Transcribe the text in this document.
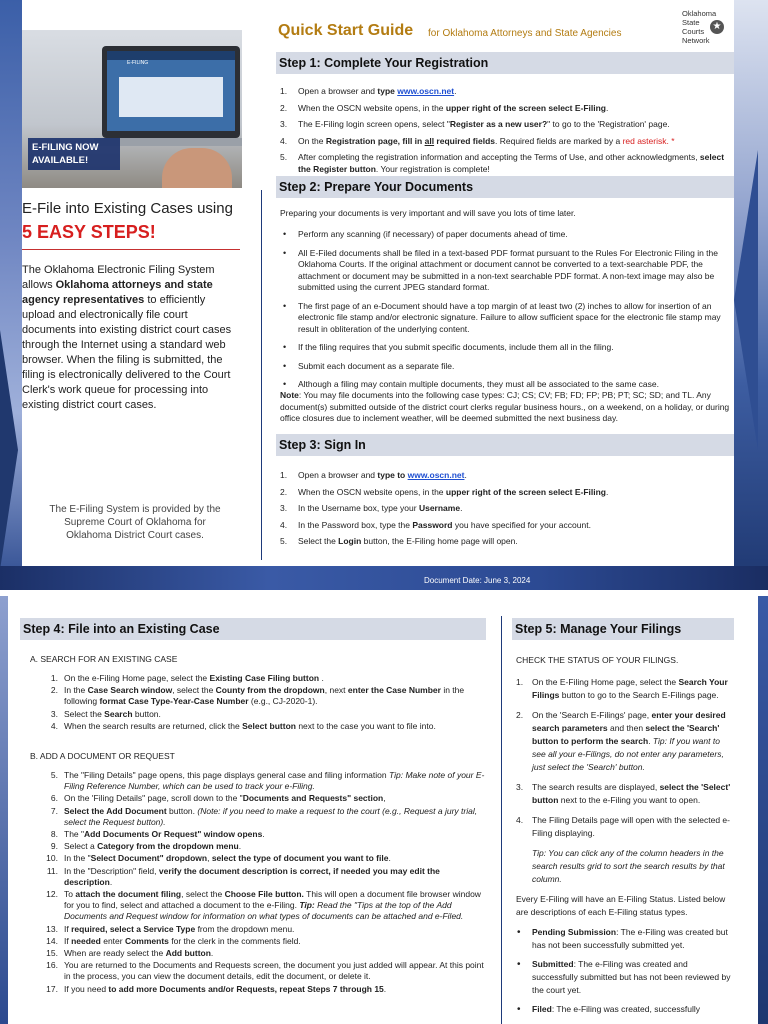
E-FILING
E-FILING NOW
AVAILABLE!
E-File into Existing Cases using
5 EASY STEPS!
The Oklahoma Electronic Filing System allows Oklahoma attorneys and state agency representatives to efficiently upload and electronically file court documents into existing district court cases through the Internet using a standard web browser. When the filing is submitted, the filing is electronically delivered to the Court Clerk's work queue for processing into existing district court cases.
The E-Filing System is provided by the Supreme Court of Oklahoma for Oklahoma District Court cases.
Quick Start Guide for Oklahoma Attorneys and State Agencies
Oklahoma
State
Courts
Network
★
Step 1: Complete Your Registration
1. Open a browser and type www.oscn.net.
2. When the OSCN website opens, in the upper right of the screen select E-Filing.
3. The E-Filing login screen opens, select "Register as a new user?" to go to the 'Registration' page.
4. On the Registration page, fill in all required fields. Required fields are marked by a red asterisk. *
5. After completing the registration information and accepting the Terms of Use, and other acknowledgments, select the Register button. Your registration is complete!
Step 2: Prepare Your Documents
Preparing your documents is very important and will save you lots of time later.
• Perform any scanning (if necessary) of paper documents ahead of time.
• All E-Filed documents shall be filed in a text-based PDF format pursuant to the Rules For Electronic Filing in the Oklahoma Courts. If the original attachment or document cannot be converted to a text-searchable PDF, the attachment or document may be submitted in a non-text searchable PDF format. A non-text image may also be submitted using the current JPEG standard format.
• The first page of an e-Document should have a top margin of at least two (2) inches to allow for insertion of an electronic file stamp and/or electronic signature. Failure to allow sufficient space for the electronic file stamp may result in obliteration of the underlying content.
• If the filing requires that you submit specific documents, include them all in the filing.
• Submit each document as a separate file.
• Although a filing may contain multiple documents, they must all be associated to the same case.
Note: You may file documents into the following case types: CJ; CS; CV; FB; FD; FP; PB; PT; SC; SD; and TL. Any document(s) submitted outside of the district court clerks regular business hours., on a weekend, on a holiday, or during office closures due to inclement weather, will be deemed submitted the next business day.
Step 3: Sign In
1. Open a browser and type to www.oscn.net.
2. When the OSCN website opens, in the upper right of the screen select E-Filing.
3. In the Username box, type your Username.
4. In the Password box, type the Password you have specified for your account.
5. Select the Login button, the E-Filing home page will open.
Document Date: June 3, 2024
Step 4: File into an Existing Case
A. SEARCH FOR AN EXISTING CASE
1. On the e-Filing Home page, select the Existing Case Filing button .
2. In the Case Search window, select the County from the dropdown, next enter the Case Number in the following format Case Type-Year-Case Number (e.g., CJ-2020-1).
3. Select the Search button.
4. When the search results are returned, click the Select button next to the case you want to file into.
B. ADD A DOCUMENT OR REQUEST
5. The "Filing Details" page opens, this page displays general case and filing information Tip: Make note of your E-Filing Reference Number, which can be used to track your e-Filing.
6. On the 'Filing Details" page, scroll down to the "Documents and Requests" section,
7. Select the Add Document button. (Note: if you need to make a request to the court (e.g., Request a jury trial, select the Request button).
8. The "Add Documents Or Request" window opens.
9. Select a Category from the dropdown menu.
10. In the "Select Document" dropdown, select the type of document you want to file.
11. In the "Description" field, verify the document description is correct, if needed you may edit the description.
12. To attach the document filing, select the Choose File button. This will open a document file browser window for you to find, select and attached a document to the e-Filing. Tip: Read the "Tips at the top of the Add Documents and Request window for information on what types of documents can be attached and e-Filed.
13. If required, select a Service Type from the dropdown menu.
14. If needed enter Comments for the clerk in the comments field.
15. When are ready select the Add button.
16. You are returned to the Documents and Requests screen, the document you just added will appear. At this point in the process, you can view the document details, edit the document, or delete it.
17. If you need to add more Documents and/or Requests, repeat Steps 7 through 15.
Step 5: Manage Your Filings
CHECK THE STATUS OF YOUR FILINGS.
1. On the E-Filing Home page, select the Search Your Filings button to go to the Search E-Filings page.
2. On the 'Search E-Filings' page, enter your desired search parameters and then select the 'Search' button to perform the search. Tip: If you want to see all your e-Filings, do not enter any parameters, just select the 'Search' button.
3. The search results are displayed, select the 'Select' button next to the e-Filing you want to open.
4. The Filing Details page will open with the selected e-Filing displaying.
Tip: You can click any of the column headers in the search results grid to sort the search results by that column.
Every E-Filing will have an E-Filing Status. Listed below are descriptions of each E-Filing status types.
• Pending Submission: The e-Filing was created but has not been successfully submitted yet.
• Submitted: The e-Filing was created and successfully submitted but has not been reviewed by the court yet.
• Filed: The e-Filing was created, successfully
